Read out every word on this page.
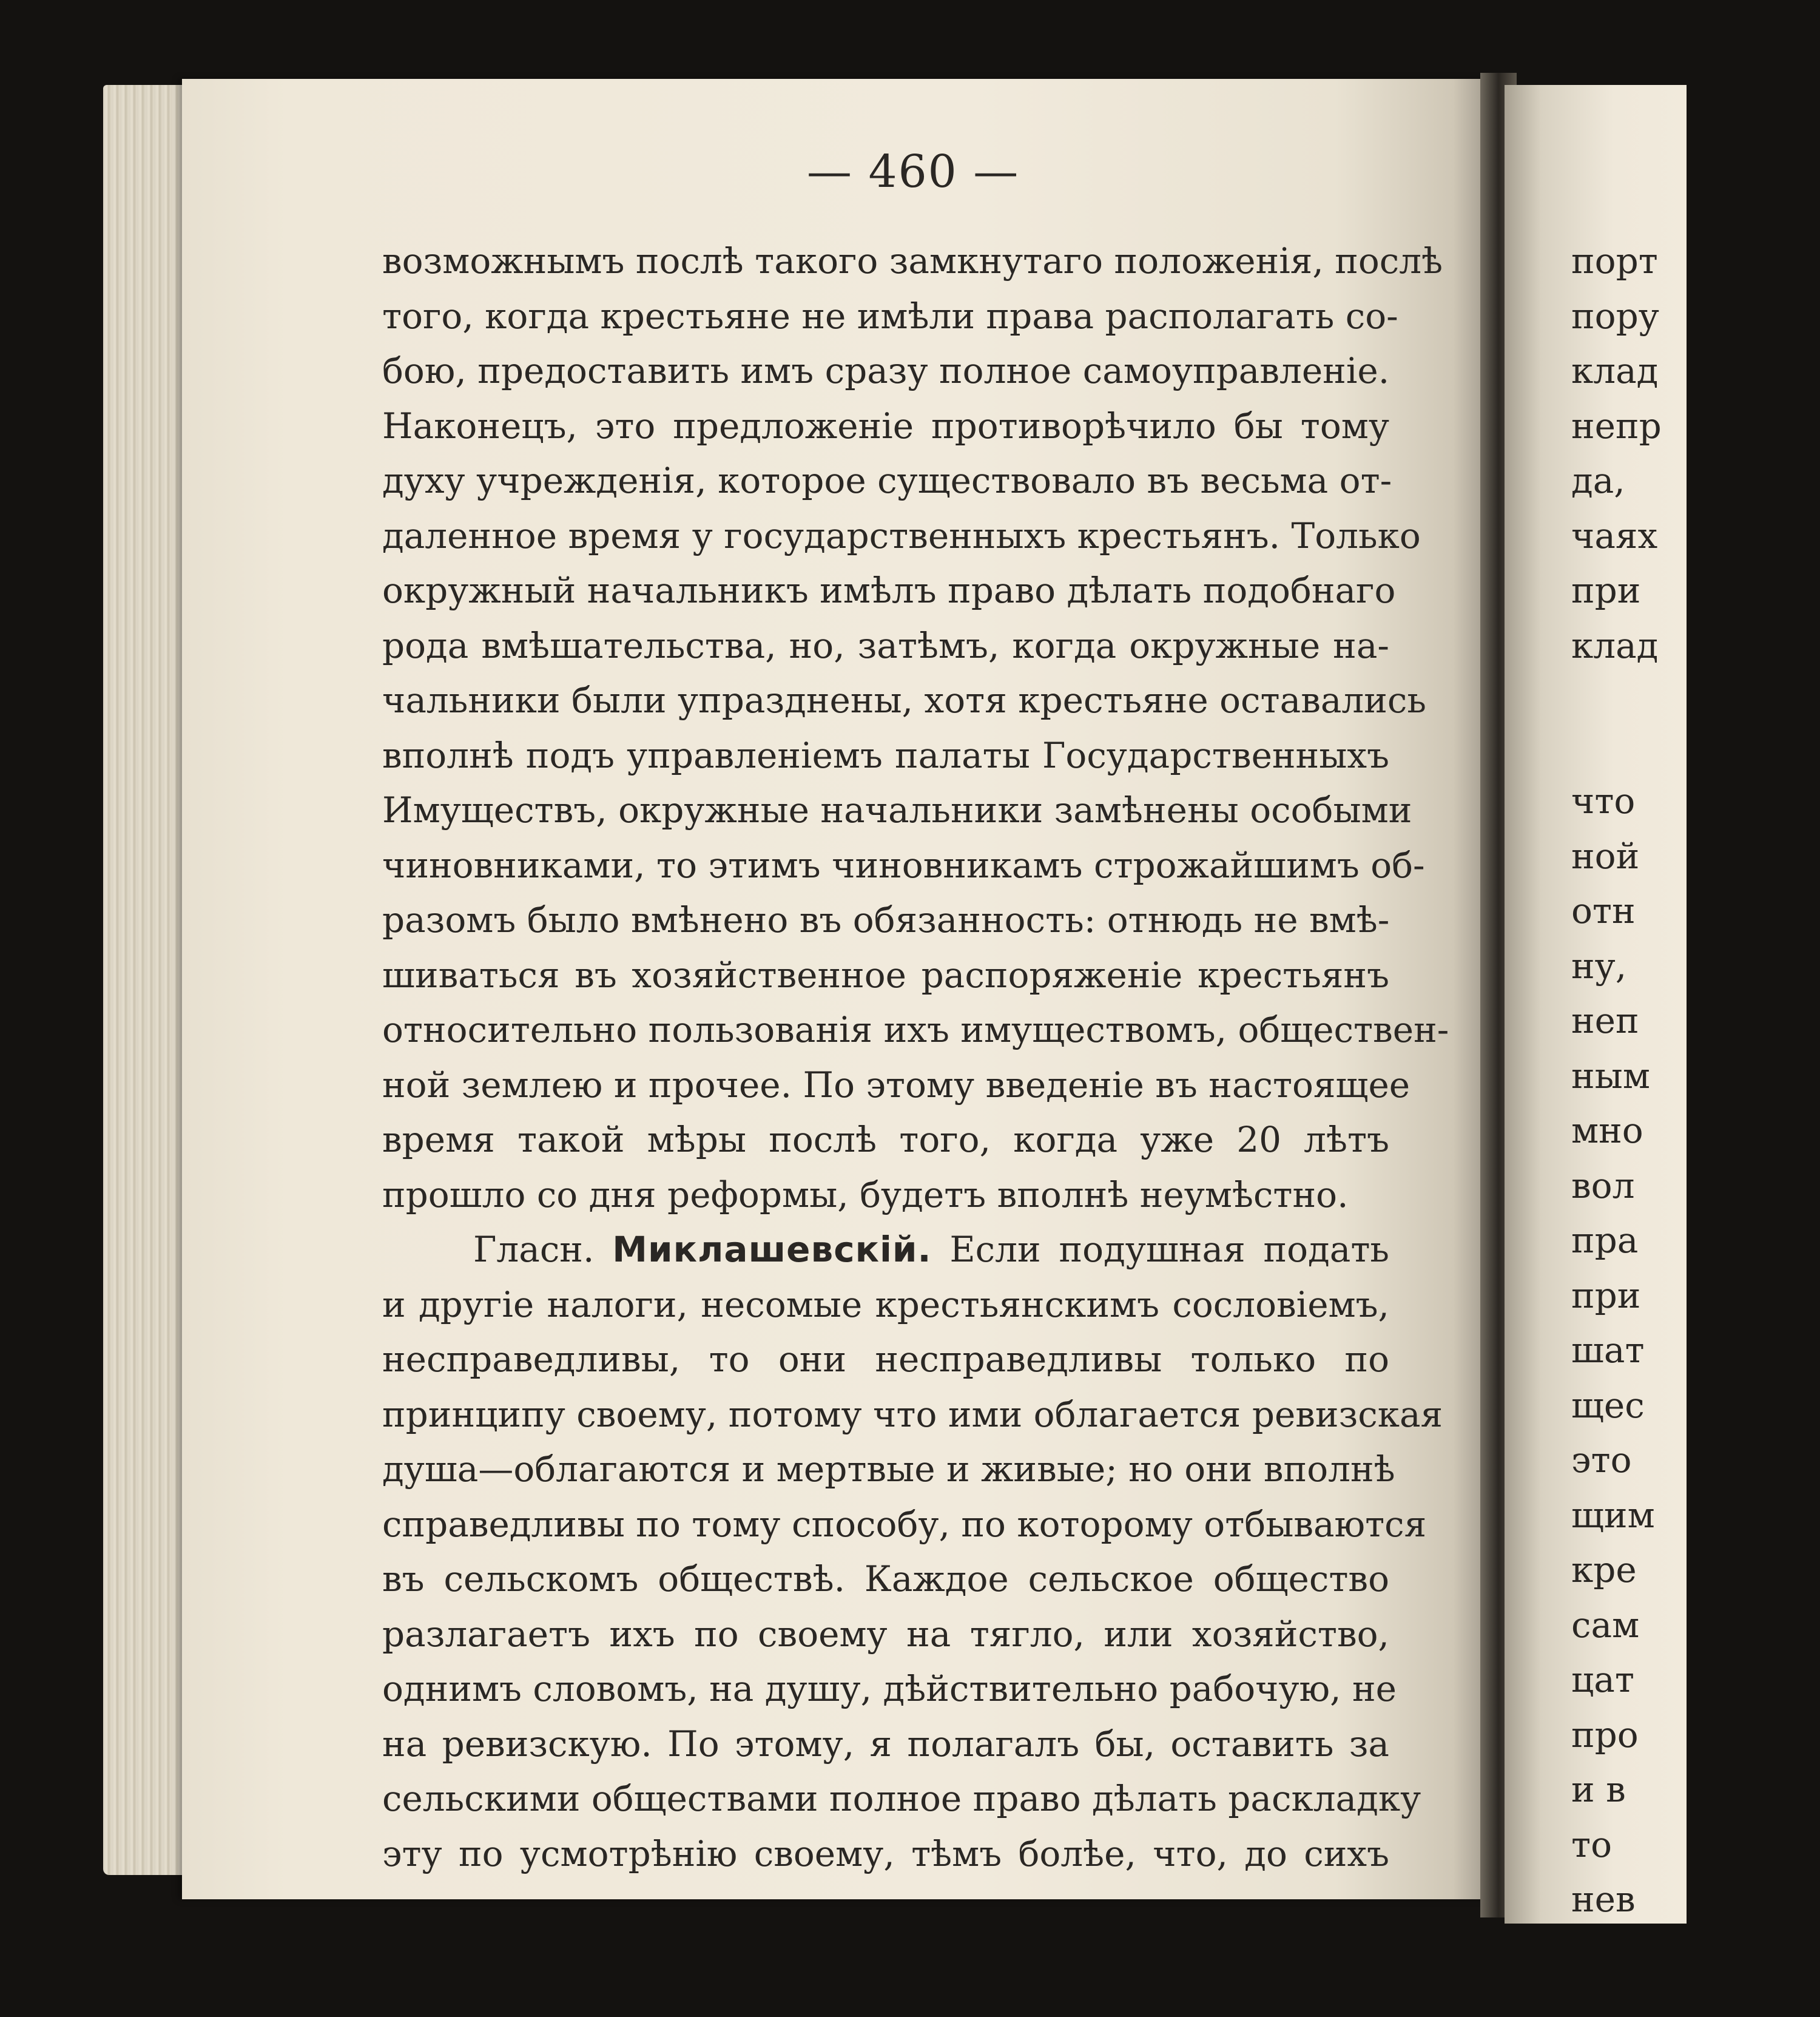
— 460 —
возможнымъ послѣ такого замкнутаго положенія, послѣ
того, когда крестьяне не имѣли права располагать со-
бою, предоставить имъ сразу полное самоуправленіе.
Наконецъ, это предложеніе противорѣчило бы тому
духу учрежденія, которое существовало въ весьма от-
даленное время у государственныхъ крестьянъ. Только
окружный начальникъ имѣлъ право дѣлать подобнаго
рода вмѣшательства, но, затѣмъ, когда окружные на-
чальники были упразднены, хотя крестьяне оставались
вполнѣ подъ управленіемъ палаты Государственныхъ
Имуществъ, окружные начальники замѣнены особыми
чиновниками, то этимъ чиновникамъ строжайшимъ об-
разомъ было вмѣнено въ обязанность: отнюдь не вмѣ-
шиваться въ хозяйственное распоряженіе крестьянъ
относительно пользованія ихъ имуществомъ, обществен-
ной землею и прочее. По этому введеніе въ настоящее
время такой мѣры послѣ того, когда уже 20 лѣтъ
прошло со дня реформы, будетъ вполнѣ неумѣстно.
Гласн. Миклашевскій. Если подушная подать
и другіе налоги, несомые крестьянскимъ сословіемъ,
несправедливы, то они несправедливы только по
принципу своему, потому что ими облагается ревизская
душа—облагаются и мертвые и живые; но они вполнѣ
справедливы по тому способу, по которому отбываются
въ сельскомъ обществѣ. Каждое сельское общество
разлагаетъ ихъ по своему на тягло, или хозяйство,
однимъ словомъ, на душу, дѣйствительно рабочую, не
на ревизскую. По этому, я полагалъ бы, оставить за
сельскими обществами полное право дѣлать раскладку
эту по усмотрѣнію своему, тѣмъ болѣе, что, до сихъ
порт
пору
клад
непр
да,
чаях
при
клад
что
ной
отн
ну,
неп
ным
мно
вол
пра
при
шат
щес
это
щим
кре
сам
цат
про
и в
то
нев
